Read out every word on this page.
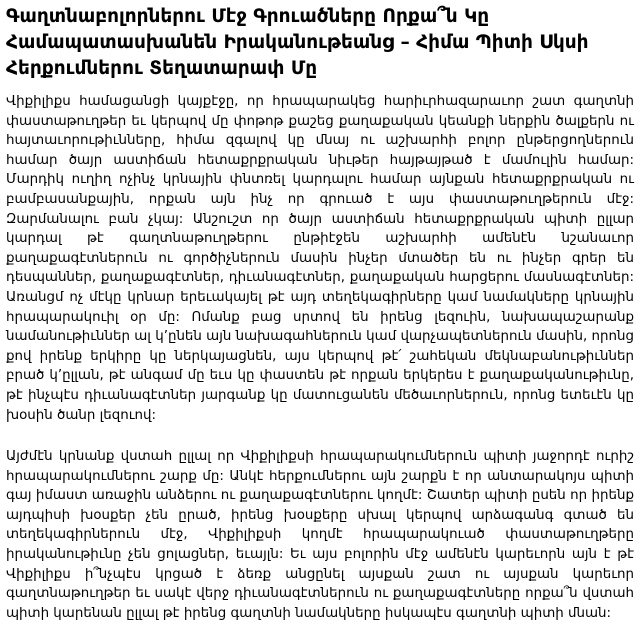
Գաղտնաբոլորներու Մէջ Գրուածները Որքա՞ն Կը Համապատասխանեն Իրականութեանց – Հիմա Պիտի Սկսի Հերքումներու Տեղատարափ Մը

Վիքիլիքս համացանցի կայքէջը, որ հրապարակեց հարիւրհազարաւոր շատ գաղտնի փաստաթուղթեր եւ կերպով մը փոթոթ քաշեց քաղաքական կեանքի ներքին ծալքերն ու հայտաւորութիւնները, հիմա զգալով կը մնայ ու աշխարհի բոլոր ընթերցողներուն համար ծայր աստիճան հետաքրքրական նիւթեր հայթայթած է մամուլին համար: Մարդիկ ուղիղ ոչինչ կրնային փնտռել կարդալու համար այնքան հետաքրքրական ու բամբասանքային, որքան այն ինչ որ գրուած է այս փաստաթուղթերուն մէջ: Զարմանալու բան չկայ: Անշուշտ որ ծայր աստիճան հետաքրքրական պիտի ըլլար կարդալ թէ գաղտնաթուղթերու ընթիէջեն աշխարհի ամենէն նշանաւոր քաղաքագէտներուն ու գործիչներուն մասին ինչեր մտածեր են ու ինչեր գրեր են դեսպաններ, քաղաքագէտներ, դիւանագէտներ, քաղաքական հարցերու մասնագէտներ: Առանցմ ոչ մէկը կրնար երեւակայել թէ այդ տեղեկագիրները կամ նամակները կրնային հրապարակուիլ օր մը: Ոմանք բաց սրտով են իրենց լեզուին, նախապաշարանք նամանութիւններ ալ կ’ընեն այն նախագահներուն կամ վարչապետներուն մասին, որոնց քով իրենք երկիրը կը ներկայացնեն, այս կերպով թէ՛ շահեկան մեկնաբանութիւններ բրած կ’ըլլան, թէ անգամ մը եւս կը փաստեն թէ որքան երկերես է քաղաքականութիւնը, թէ ինչպէս դիւանագէտներ յարգանք կը մատուցանեն մեծաւորներուն, որոնց ետեւէն կը խօսին ծանր լեզուով:

Այժմէն կրնանք վստահ ըլլալ որ Վիքիլիքսի հրապարակումներուն պիտի յաջորդէ ուրիշ հրապարակումներու շարք մը: Անկէ հերքումներու այն շարքն է որ անտարակոյս պիտի գայ իմաստ առաջին անձերու ու քաղաքագէտներու կողմէ: Շատեր պիտի ըսեն որ իրենք այդպիսի խօսքեր չեն ըրած, իրենց խօսքերը սխալ կերպով արձագանգ գտած են տեղեկագիրներուն մէջ, Վիքիլիքսի կողմէ հրապարակուած փաստաթուղթերը իրականութիւնը չեն ցոլացներ, եւայլն: Եւ այս բոլորին մէջ ամենէն կարեւորն այն է թէ Վիքիլիքս ի՞նչպէս կրցած է ձեռք անցընել այսքան շատ ու այսքան կարեւոր գաղտնաթուղթեր եւ սակէ վերջ դիւանագէտներուն ու քաղաքագէտները որքա՞ն վստահ պիտի կարենան ըլլալ թէ իրենց գաղտնի նամակները իսկապէս գաղտնի պիտի մնան:
